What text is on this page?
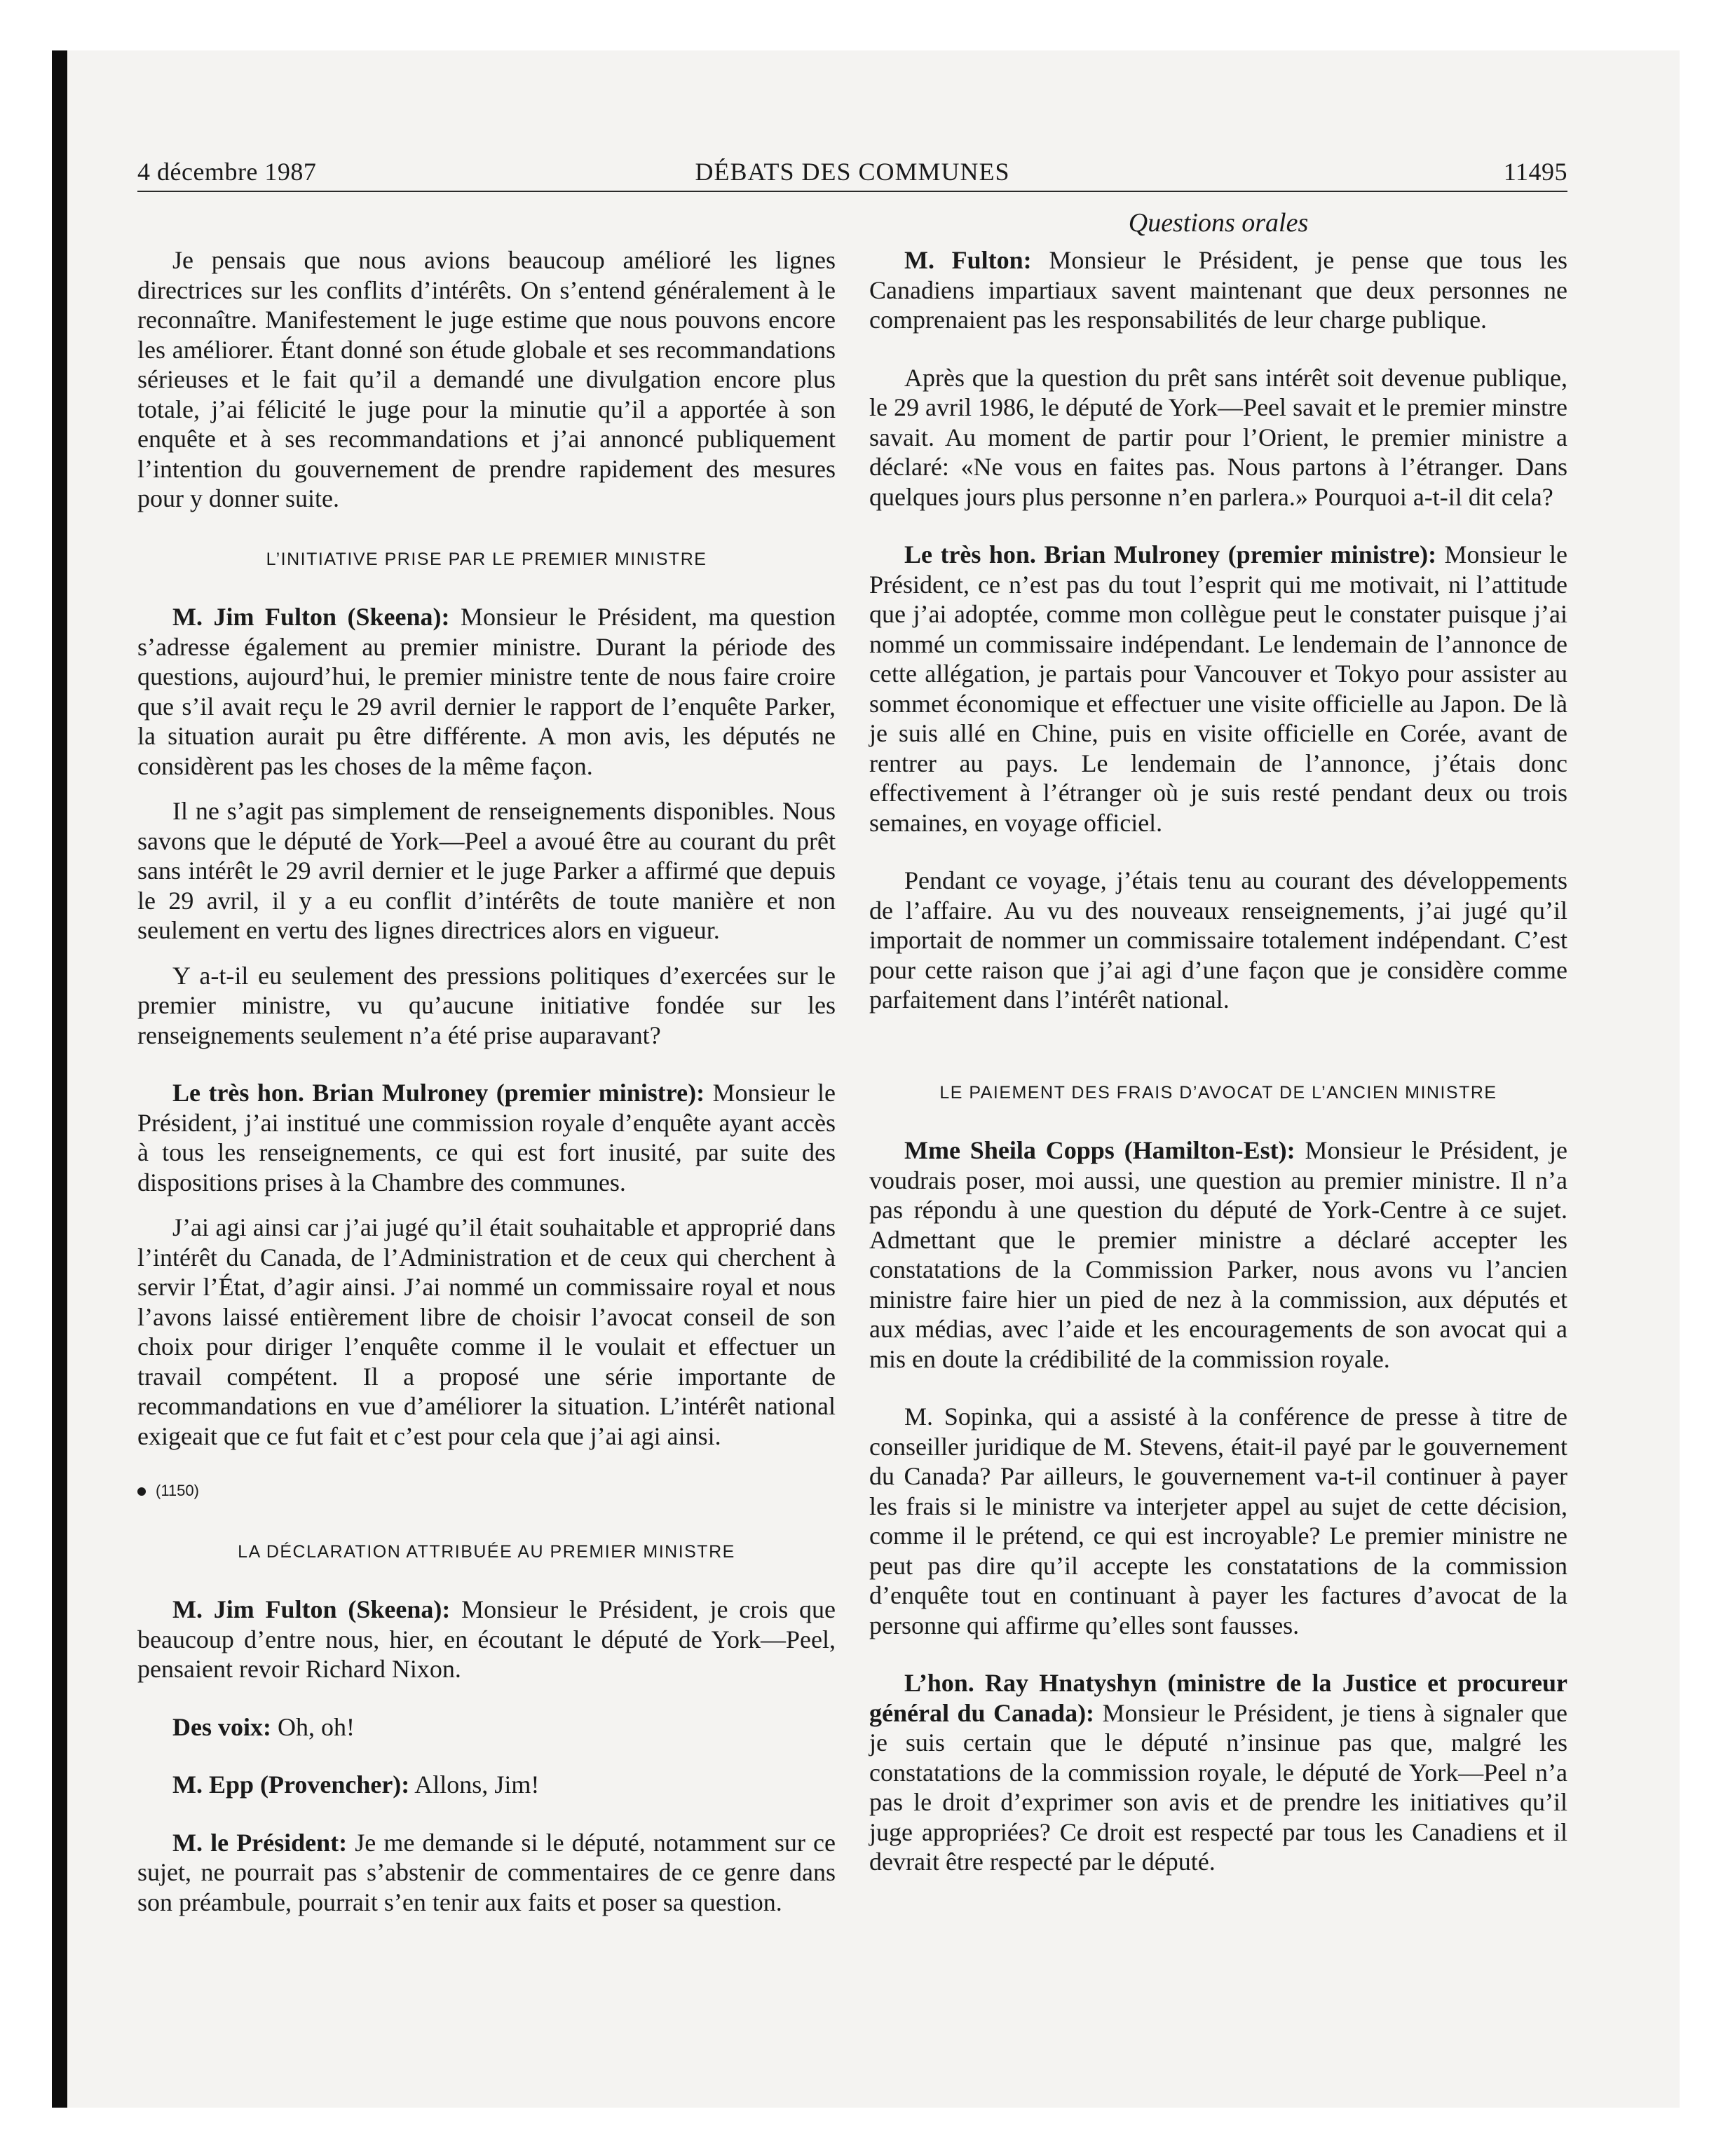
4 décembre 1987	DÉBATS DES COMMUNES	11495
Questions orales

Je pensais que nous avions beaucoup amélioré les lignes directrices sur les conflits d’intérêts. On s’entend généralement à le reconnaître. Manifestement le juge estime que nous pouvons encore les améliorer. Étant donné son étude globale et ses recommandations sérieuses et le fait qu’il a demandé une divulgation encore plus totale, j’ai félicité le juge pour la minutie qu’il a apportée à son enquête et à ses recommandations et j’ai annoncé publiquement l’intention du gouvernement de prendre rapidement des mesures pour y donner suite.

L’INITIATIVE PRISE PAR LE PREMIER MINISTRE

M. Jim Fulton (Skeena): Monsieur le Président, ma question s’adresse également au premier ministre. Durant la période des questions, aujourd’hui, le premier ministre tente de nous faire croire que s’il avait reçu le 29 avril dernier le rapport de l’enquête Parker, la situation aurait pu être différente. A mon avis, les députés ne considèrent pas les choses de la même façon.

Il ne s’agit pas simplement de renseignements disponibles. Nous savons que le député de York—Peel a avoué être au courant du prêt sans intérêt le 29 avril dernier et le juge Parker a affirmé que depuis le 29 avril, il y a eu conflit d’intérêts de toute manière et non seulement en vertu des lignes directrices alors en vigueur.

Y a-t-il eu seulement des pressions politiques d’exercées sur le premier ministre, vu qu’aucune initiative fondée sur les renseignements seulement n’a été prise auparavant?

Le très hon. Brian Mulroney (premier ministre): Monsieur le Président, j’ai institué une commission royale d’enquête ayant accès à tous les renseignements, ce qui est fort inusité, par suite des dispositions prises à la Chambre des communes.

J’ai agi ainsi car j’ai jugé qu’il était souhaitable et approprié dans l’intérêt du Canada, de l’Administration et de ceux qui cherchent à servir l’État, d’agir ainsi. J’ai nommé un commissaire royal et nous l’avons laissé entièrement libre de choisir l’avocat conseil de son choix pour diriger l’enquête comme il le voulait et effectuer un travail compétent. Il a proposé une série importante de recommandations en vue d’améliorer la situation. L’intérêt national exigeait que ce fut fait et c’est pour cela que j’ai agi ainsi.

(1150)
LA DÉCLARATION ATTRIBUÉE AU PREMIER MINISTRE

M. Jim Fulton (Skeena): Monsieur le Président, je crois que beaucoup d’entre nous, hier, en écoutant le député de York—Peel, pensaient revoir Richard Nixon.

Des voix: Oh, oh!

M. Epp (Provencher): Allons, Jim!

M. le Président: Je me demande si le député, notamment sur ce sujet, ne pourrait pas s’abstenir de commentaires de ce genre dans son préambule, pourrait s’en tenir aux faits et poser sa question.

M. Fulton: Monsieur le Président, je pense que tous les Canadiens impartiaux savent maintenant que deux personnes ne comprenaient pas les responsabilités de leur charge publique.

Après que la question du prêt sans intérêt soit devenue publique, le 29 avril 1986, le député de York—Peel savait et le premier minstre savait. Au moment de partir pour l’Orient, le premier ministre a déclaré: «Ne vous en faites pas. Nous partons à l’étranger. Dans quelques jours plus personne n’en parlera.» Pourquoi a-t-il dit cela?

Le très hon. Brian Mulroney (premier ministre): Monsieur le Président, ce n’est pas du tout l’esprit qui me motivait, ni l’attitude que j’ai adoptée, comme mon collègue peut le constater puisque j’ai nommé un commissaire indépendant. Le lendemain de l’annonce de cette allégation, je partais pour Vancouver et Tokyo pour assister au sommet économique et effectuer une visite officielle au Japon. De là je suis allé en Chine, puis en visite officielle en Corée, avant de rentrer au pays. Le lendemain de l’annonce, j’étais donc effectivement à l’étranger où je suis resté pendant deux ou trois semaines, en voyage officiel.

Pendant ce voyage, j’étais tenu au courant des développements de l’affaire. Au vu des nouveaux renseignements, j’ai jugé qu’il importait de nommer un commissaire totalement indépendant. C’est pour cette raison que j’ai agi d’une façon que je considère comme parfaitement dans l’intérêt national.

LE PAIEMENT DES FRAIS D’AVOCAT DE L’ANCIEN MINISTRE

Mme Sheila Copps (Hamilton-Est): Monsieur le Président, je voudrais poser, moi aussi, une question au premier ministre. Il n’a pas répondu à une question du député de York-Centre à ce sujet. Admettant que le premier ministre a déclaré accepter les constatations de la Commission Parker, nous avons vu l’ancien ministre faire hier un pied de nez à la commission, aux députés et aux médias, avec l’aide et les encouragements de son avocat qui a mis en doute la crédibilité de la commission royale.

M. Sopinka, qui a assisté à la conférence de presse à titre de conseiller juridique de M. Stevens, était-il payé par le gouvernement du Canada? Par ailleurs, le gouvernement va-t-il continuer à payer les frais si le ministre va interjeter appel au sujet de cette décision, comme il le prétend, ce qui est incroyable? Le premier ministre ne peut pas dire qu’il accepte les constatations de la commission d’enquête tout en continuant à payer les factures d’avocat de la personne qui affirme qu’elles sont fausses.

L’hon. Ray Hnatyshyn (ministre de la Justice et procureur général du Canada): Monsieur le Président, je tiens à signaler que je suis certain que le député n’insinue pas que, malgré les constatations de la commission royale, le député de York—Peel n’a pas le droit d’exprimer son avis et de prendre les initiatives qu’il juge appropriées? Ce droit est respecté par tous les Canadiens et il devrait être respecté par le député.
